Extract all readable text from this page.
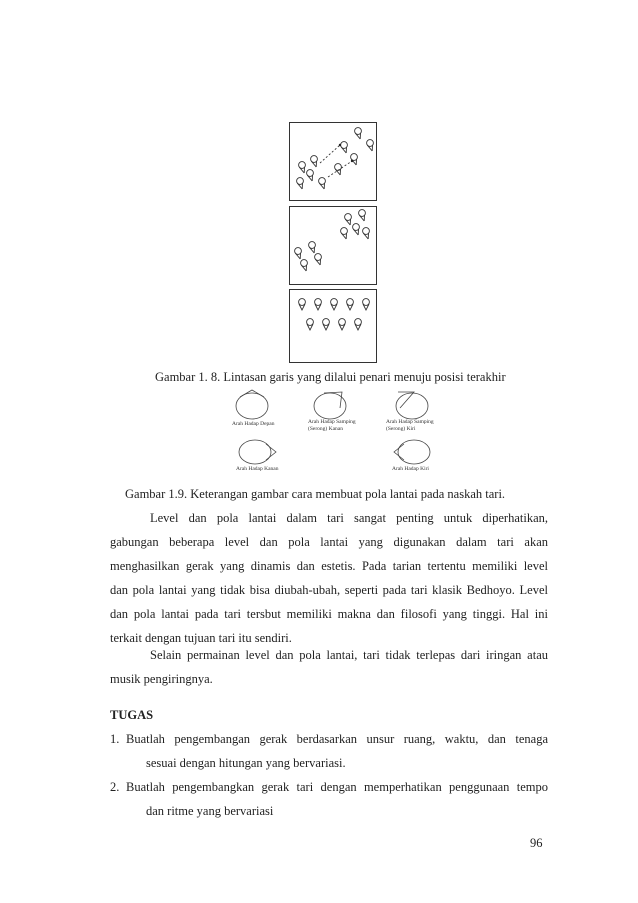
Gambar 1. 8. Lintasan garis yang dilalui penari menuju posisi terakhir
Arah Hadap Depan	Arah Hadap Samping
(Serong) Kanan
Arah Hadap Samping
(Serong) Kiri
Arah Hadap Kanan	Arah Hadap Kiri
Gambar 1.9. Keterangan gambar cara membuat pola lantai pada naskah tari.
Level dan pola lantai dalam tari sangat penting untuk diperhatikan,
gabungan beberapa level dan pola lantai yang digunakan dalam tari akan
menghasilkan gerak yang dinamis dan estetis. Pada tarian tertentu memiliki level
dan pola lantai yang tidak bisa diubah-ubah, seperti pada tari klasik Bedhoyo. Level
dan pola lantai pada tari tersbut memiliki makna dan filosofi yang tinggi. Hal ini
terkait dengan tujuan tari itu sendiri.
Selain permainan level dan pola lantai, tari tidak terlepas dari iringan atau
musik pengiringnya.
TUGAS
1. Buatlah pengembangan gerak berdasarkan unsur ruang, waktu, dan tenaga
sesuai dengan hitungan yang bervariasi.
2. Buatlah pengembangkan gerak tari dengan memperhatikan penggunaan tempo
dan ritme yang bervariasi
96
